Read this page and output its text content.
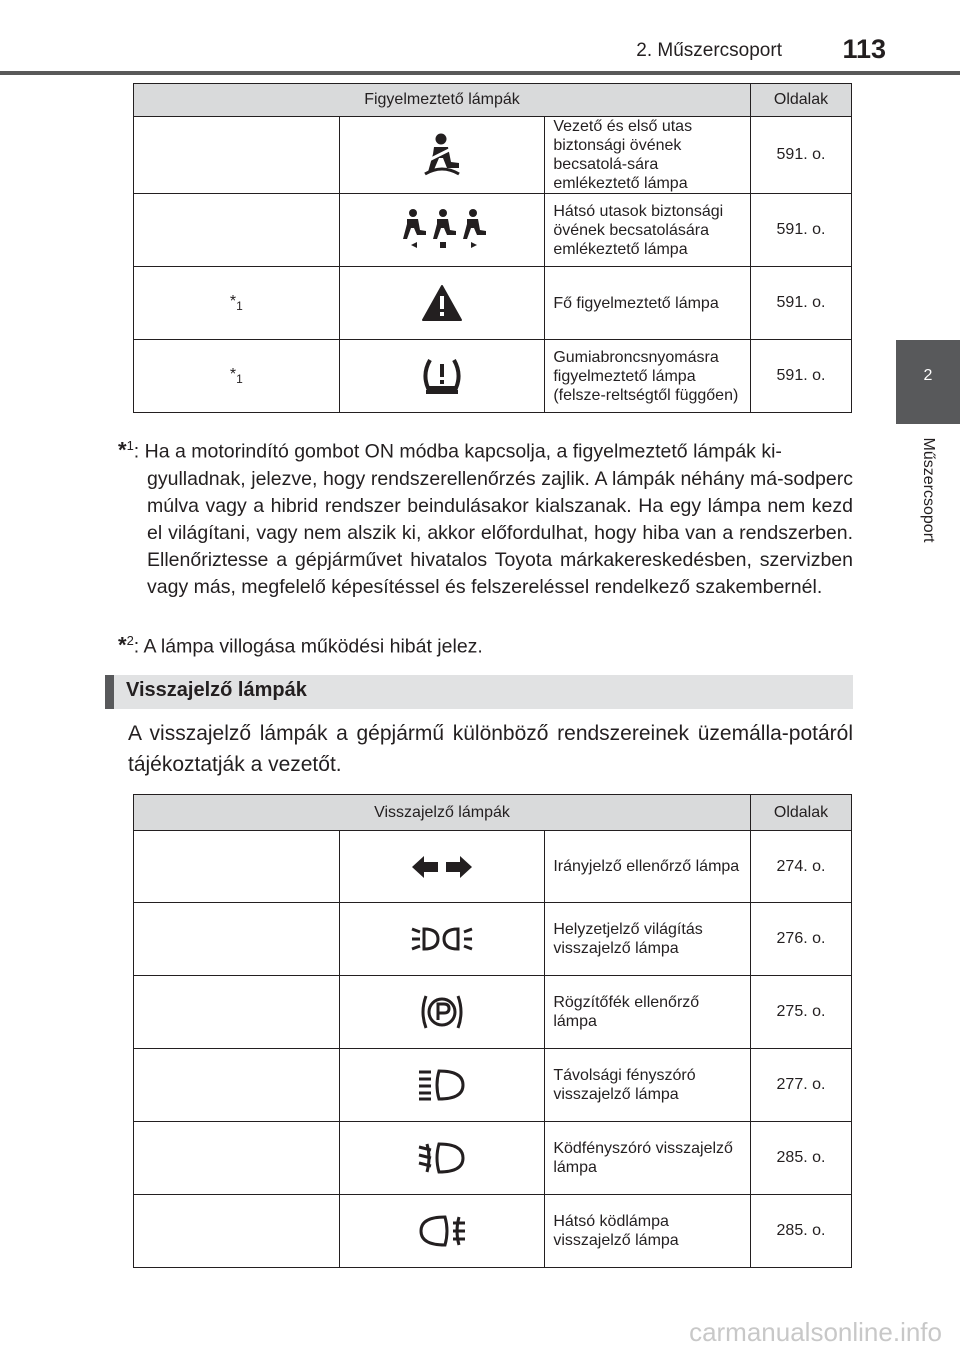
2. Műszercsoport 113
2
Műszercsoport
Figyelmeztető lámpák			Oldalak

	Vezető és első utas biztonsági övének becsatolá-sára emlékeztető lámpa	591. o.

	Hátsó utasok biztonsági övének becsatolására emlékeztető lámpa	591. o.
$*_1$		Fő figyelmeztető lámpa	591. o.
$*_1$		Gumiabroncsnyomásra figyelmeztető lámpa (felsze-reltségtől függően)	591. o.
*$^1$: Ha a motorindító gombot ON módba kapcsolja, a figyelmeztető lámpák ki-
gyulladnak, jelezve, hogy rendszerellenőrzés zajlik. A lámpák néhány má-sodperc múlva vagy a hibrid rendszer beindulásakor kialszanak. Ha egy lámpa nem kezd el világítani, vagy nem alszik ki, akkor előfordulhat, hogy hiba van a rendszerben. Ellenőriztesse a gépjárművet hivatalos Toyota márkakereskedésben, szervizben vagy más, megfelelő képesítéssel és felszereléssel rendelkező szakembernél.
*$^2$: A lámpa villogása működési hibát jelez.
Visszajelző lámpák
A visszajelző lámpák a gépjármű különböző rendszereinek üzemálla-potáról tájékoztatják a vezetőt.
Visszajelző lámpák			Oldalak

	Irányjelző ellenőrző lámpa	274. o.

	Helyzetjelző világítás visszajelző lámpa	276. o.

	Rögzítőfék ellenőrző lámpa	275. o.

	Távolsági fényszóró visszajelző lámpa	277. o.

	Ködfényszóró visszajelző lámpa	285. o.

	Hátsó ködlámpa visszajelző lámpa	285. o.
carmanualsonline.info
